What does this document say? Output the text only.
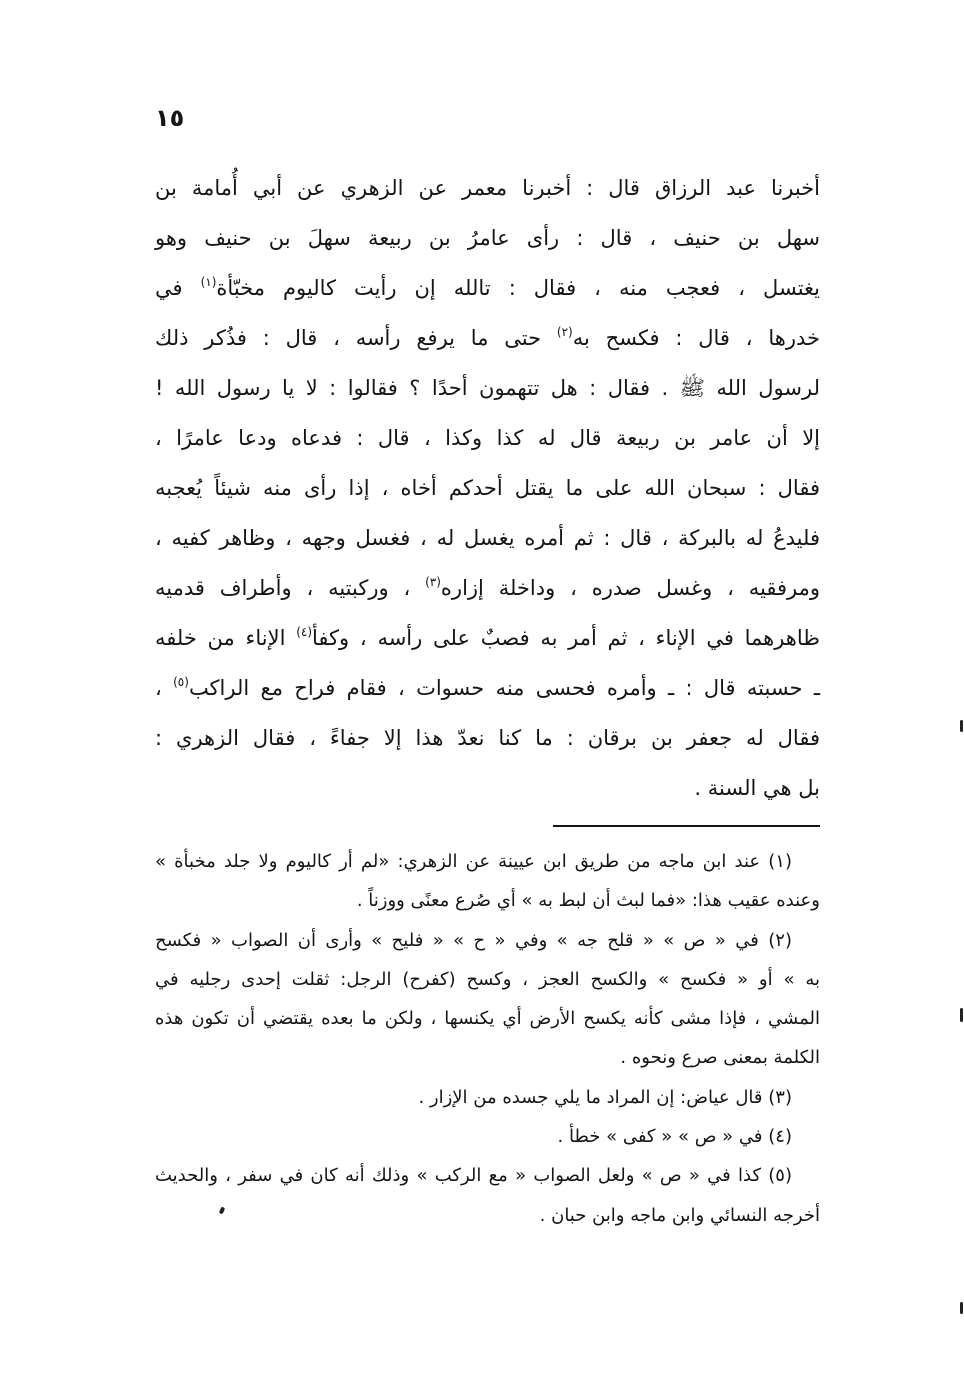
١٥
أخبرنا عبد الرزاق قال : أخبرنا معمر عن الزهري عن أبي أُمامة بن
سهل بن حنيف ، قال : رأى عامرُ بن ربيعة سهلَ بن حنيف وهو
يغتسل ، فعجب منه ، فقال : تالله إن رأيت كاليوم مخبّأة$^{(١)}$ في
خدرها ، قال : فكسح به$^{(٢)}$ حتى ما يرفع رأسه ، قال : فذُكر ذلك
لرسول الله ﷺ . فقال : هل تتهمون أحدًا ؟ فقالوا : لا يا رسول الله !
إلا أن عامر بن ربيعة قال له كذا وكذا ، قال : فدعاه ودعا عامرًا ،
فقال : سبحان الله على ما يقتل أحدكم أخاه ، إذا رأى منه شيئاً يُعجبه
فليدعُ له بالبركة ، قال : ثم أمره يغسل له ، فغسل وجهه ، وظاهر كفيه ،
ومرفقيه ، وغسل صدره ، وداخلة إزاره$^{(٣)}$ ، وركبتيه ، وأطراف قدميه
ظاهرهما في الإناء ، ثم أمر به فصبٌ على رأسه ، وكفأ$^{(٤)}$ الإناء من خلفه
ـ حسبته قال : ـ وأمره فحسى منه حسوات ، فقام فراح مع الراكب$^{(٥)}$ ،
فقال له جعفر بن برقان : ما كنا نعدّ هذا إلا جفاءً ، فقال الزهري :
بل هي السنة .
(١) عند ابن ماجه من طريق ابن عيينة عن الزهري: «لم أر كاليوم ولا جلد مخبأة »
وعنده عقيب هذا: «فما لبث أن لبط به » أي صُرع معنًى ووزناً .
(٢) في « ص » « قلح جه » وفي « ح » « فليح » وأرى أن الصواب « فكسح
به » أو « فكسح » والكسح العجز ، وكسح (كفرح) الرجل: ثقلت إحدى رجليه في
المشي ، فإذا مشى كأنه يكسح الأرض أي يكنسها ، ولكن ما بعده يقتضي أن تكون هذه
الكلمة بمعنى صرع ونحوه .
(٣) قال عياض: إن المراد ما يلي جسده من الإزار .
(٤) في « ص » « كفى » خطأ .
(٥) كذا في « ص » ولعل الصواب « مع الركب » وذلك أنه كان في سفر ، والحديث
أخرجه النسائي وابن ماجه وابن حبان .
